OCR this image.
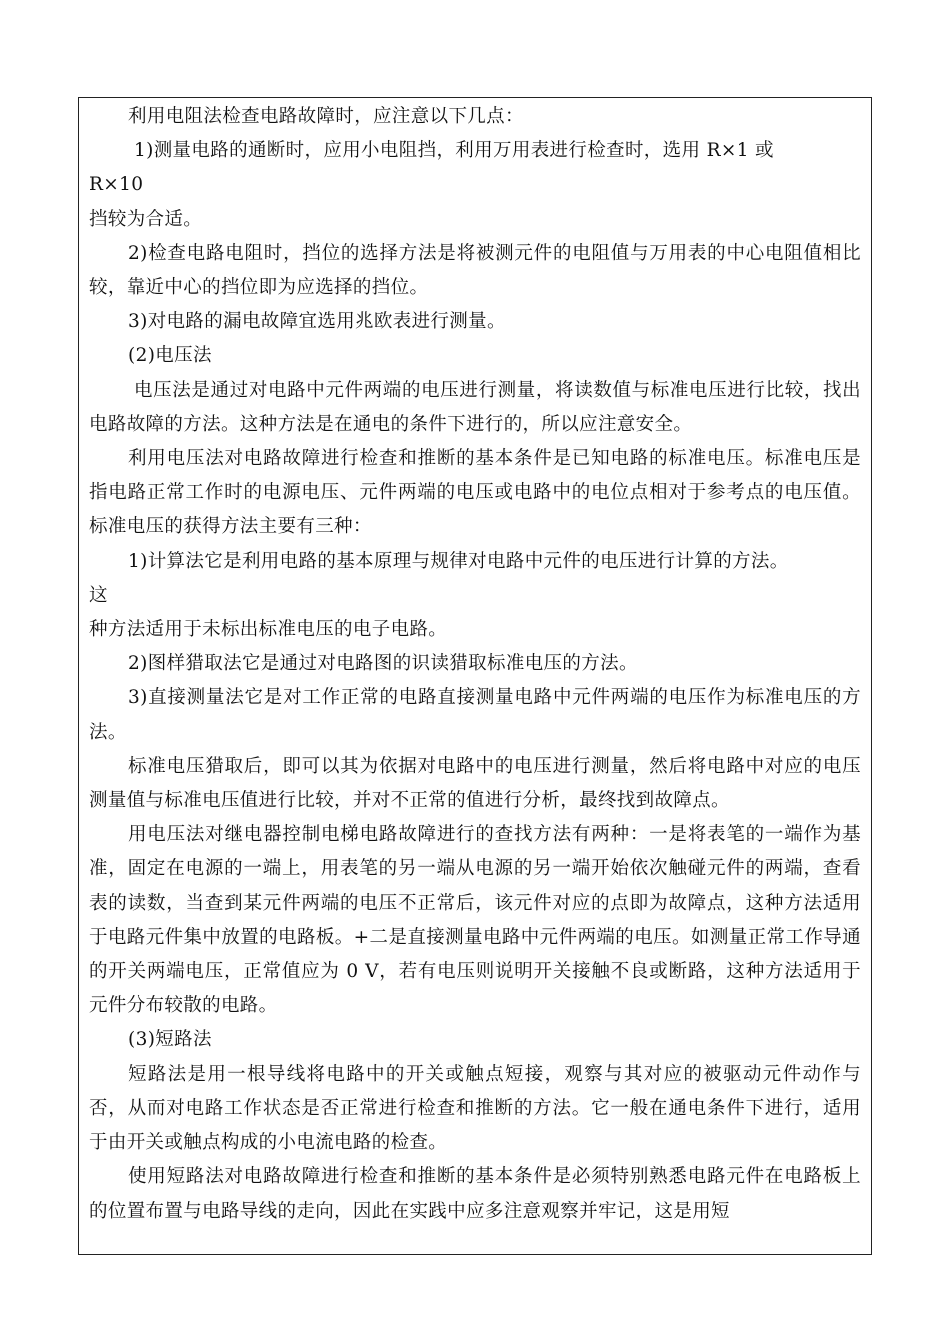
利用电阻法检查电路故障时，应注意以下几点：

1)测量电路的通断时，应用小电阻挡，利用万用表进行检查时，选用 R×1 或

R×10

挡较为合适。

2)检查电路电阻时，挡位的选择方法是将被测元件的电阻值与万用表的中心电阻值相比较，靠近中心的挡位即为应选择的挡位。

3)对电路的漏电故障宜选用兆欧表进行测量。

(2)电压法

电压法是通过对电路中元件两端的电压进行测量，将读数值与标准电压进行比较，找出电路故障的方法。这种方法是在通电的条件下进行的，所以应注意安全。

利用电压法对电路故障进行检查和推断的基本条件是已知电路的标准电压。标准电压是指电路正常工作时的电源电压、元件两端的电压或电路中的电位点相对于参考点的电压值。标准电压的获得方法主要有三种：

1)计算法它是利用电路的基本原理与规律对电路中元件的电压进行计算的方法。

这

种方法适用于未标出标准电压的电子电路。

2)图样猎取法它是通过对电路图的识读猎取标准电压的方法。

3)直接测量法它是对工作正常的电路直接测量电路中元件两端的电压作为标准电压的方法。

标准电压猎取后，即可以其为依据对电路中的电压进行测量，然后将电路中对应的电压测量值与标准电压值进行比较，并对不正常的值进行分析，最终找到故障点。

用电压法对继电器控制电梯电路故障进行的查找方法有两种：一是将表笔的一端作为基准，固定在电源的一端上，用表笔的另一端从电源的另一端开始依次触碰元件的两端，查看表的读数，当查到某元件两端的电压不正常后，该元件对应的点即为故障点，这种方法适用于电路元件集中放置的电路板。+二是直接测量电路中元件两端的电压。如测量正常工作导通的开关两端电压，正常值应为 0 V，若有电压则说明开关接触不良或断路，这种方法适用于元件分布较散的电路。

(3)短路法

短路法是用一根导线将电路中的开关或触点短接，观察与其对应的被驱动元件动作与否，从而对电路工作状态是否正常进行检查和推断的方法。它一般在通电条件下进行，适用于由开关或触点构成的小电流电路的检查。

使用短路法对电路故障进行检查和推断的基本条件是必须特别熟悉电路元件在电路板上的位置布置与电路导线的走向，因此在实践中应多注意观察并牢记，这是用短
